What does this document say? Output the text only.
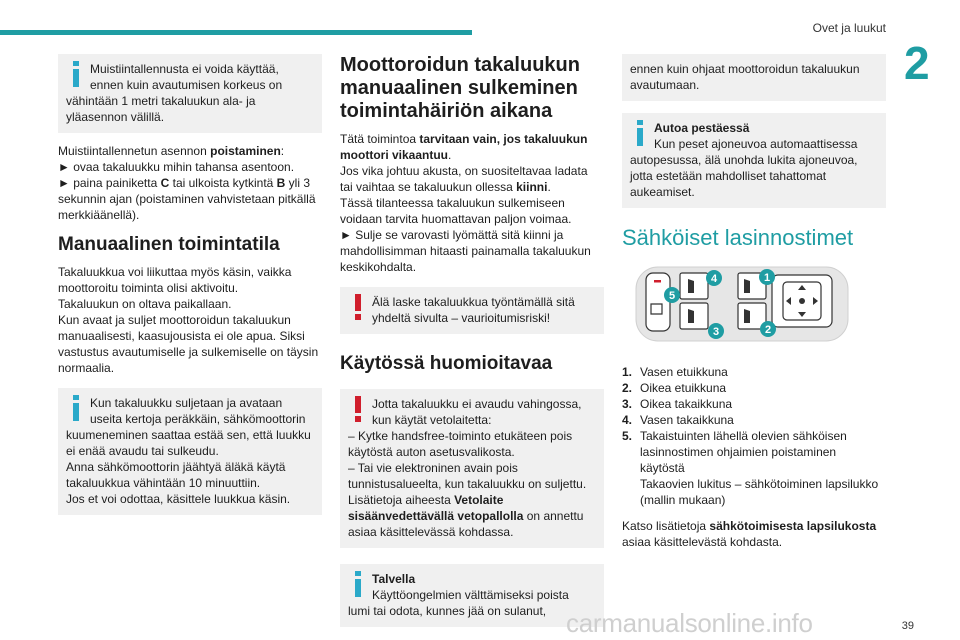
Ovet ja luukut
2
Muistiintallennusta ei voida käyttää,
ennen kuin avautumisen korkeus on
vähintään 1 metri takaluukun ala- ja
yläasennon välillä.

Muistiintallennetun asennon poistaminen:
► ovaa takaluukku mihin tahansa asentoon.
► paina painiketta C tai ulkoista kytkintä B yli 3
sekunnin ajan (poistaminen vahvistetaan pitkällä
merkkiäänellä).

Manuaalinen toimintatila

Takaluukkua voi liikuttaa myös käsin, vaikka
moottoroitu toiminta olisi aktivoitu.
Takaluukun on oltava paikallaan.
Kun avaat ja suljet moottoroidun takaluukun
manuaalisesti, kaasujousista ei ole apua. Siksi
vastustus avautumiselle ja sulkemiselle on täysin
normaalia.

Kun takaluukku suljetaan ja avataan
useita kertoja peräkkäin, sähkömoottorin
kuumeneminen saattaa estää sen, että luukku
ei enää avaudu tai sulkeudu.
Anna sähkömoottorin jäähtyä äläkä käytä
takaluukkua vähintään 10 minuuttiin.
Jos et voi odottaa, käsittele luukkua käsin.
Moottoroidun takaluukun
manuaalinen sulkeminen
toimintahäiriön aikana

Tätä toimintoa tarvitaan vain, jos takaluukun
moottori vikaantuu.
Jos vika johtuu akusta, on suositeltavaa ladata
tai vaihtaa se takaluukun ollessa kiinni.
Tässä tilanteessa takaluukun sulkemiseen
voidaan tarvita huomattavan paljon voimaa.
► Sulje se varovasti lyömättä sitä kiinni ja
mahdollisimman hitaasti painamalla takaluukun
keskikohdalta.

Älä laske takaluukkua työntämällä sitä
yhdeltä sivulta – vaurioitumisriski!
Käytössä huomioitavaa
Jotta takaluukku ei avaudu vahingossa,
kun käytät vetolaitetta:
– Kytke handsfree-toiminto etukäteen pois
käytöstä auton asetusvalikosta.
– Tai vie elektroninen avain pois
tunnistusalueelta, kun takaluukku on suljettu.
Lisätietoja aiheesta Vetolaite
sisäänvedettävällä vetopallolla on annettu
asiaa käsittelevässä kohdassa.
Talvella
Käyttöongelmien välttämiseksi poista
lumi tai odota, kunnes jää on sulanut,
ennen kuin ohjaat moottoroidun takaluukun
avautumaan.
Autoa pestäessä
Kun peset ajoneuvoa automaattisessa
autopesussa, älä unohda lukita ajoneuvoa,
jotta estetään mahdolliset tahattomat
aukeamiset.
Sähköiset lasinnostimet
1
2
3
4
5
1. Vasen etuikkuna
2. Oikea etuikkuna
3. Oikea takaikkuna
4. Vasen takaikkuna
5. Takaistuinten lähellä olevien sähköisen
lasinnostimen ohjaimien poistaminen
käytöstä
Takaovien lukitus – sähkötoiminen lapsilukko
(mallin mukaan)

Katso lisätietoja sähkötoimisesta lapsilukosta
asiaa käsittelevästä kohdasta.

carmanualsonline.info	39
